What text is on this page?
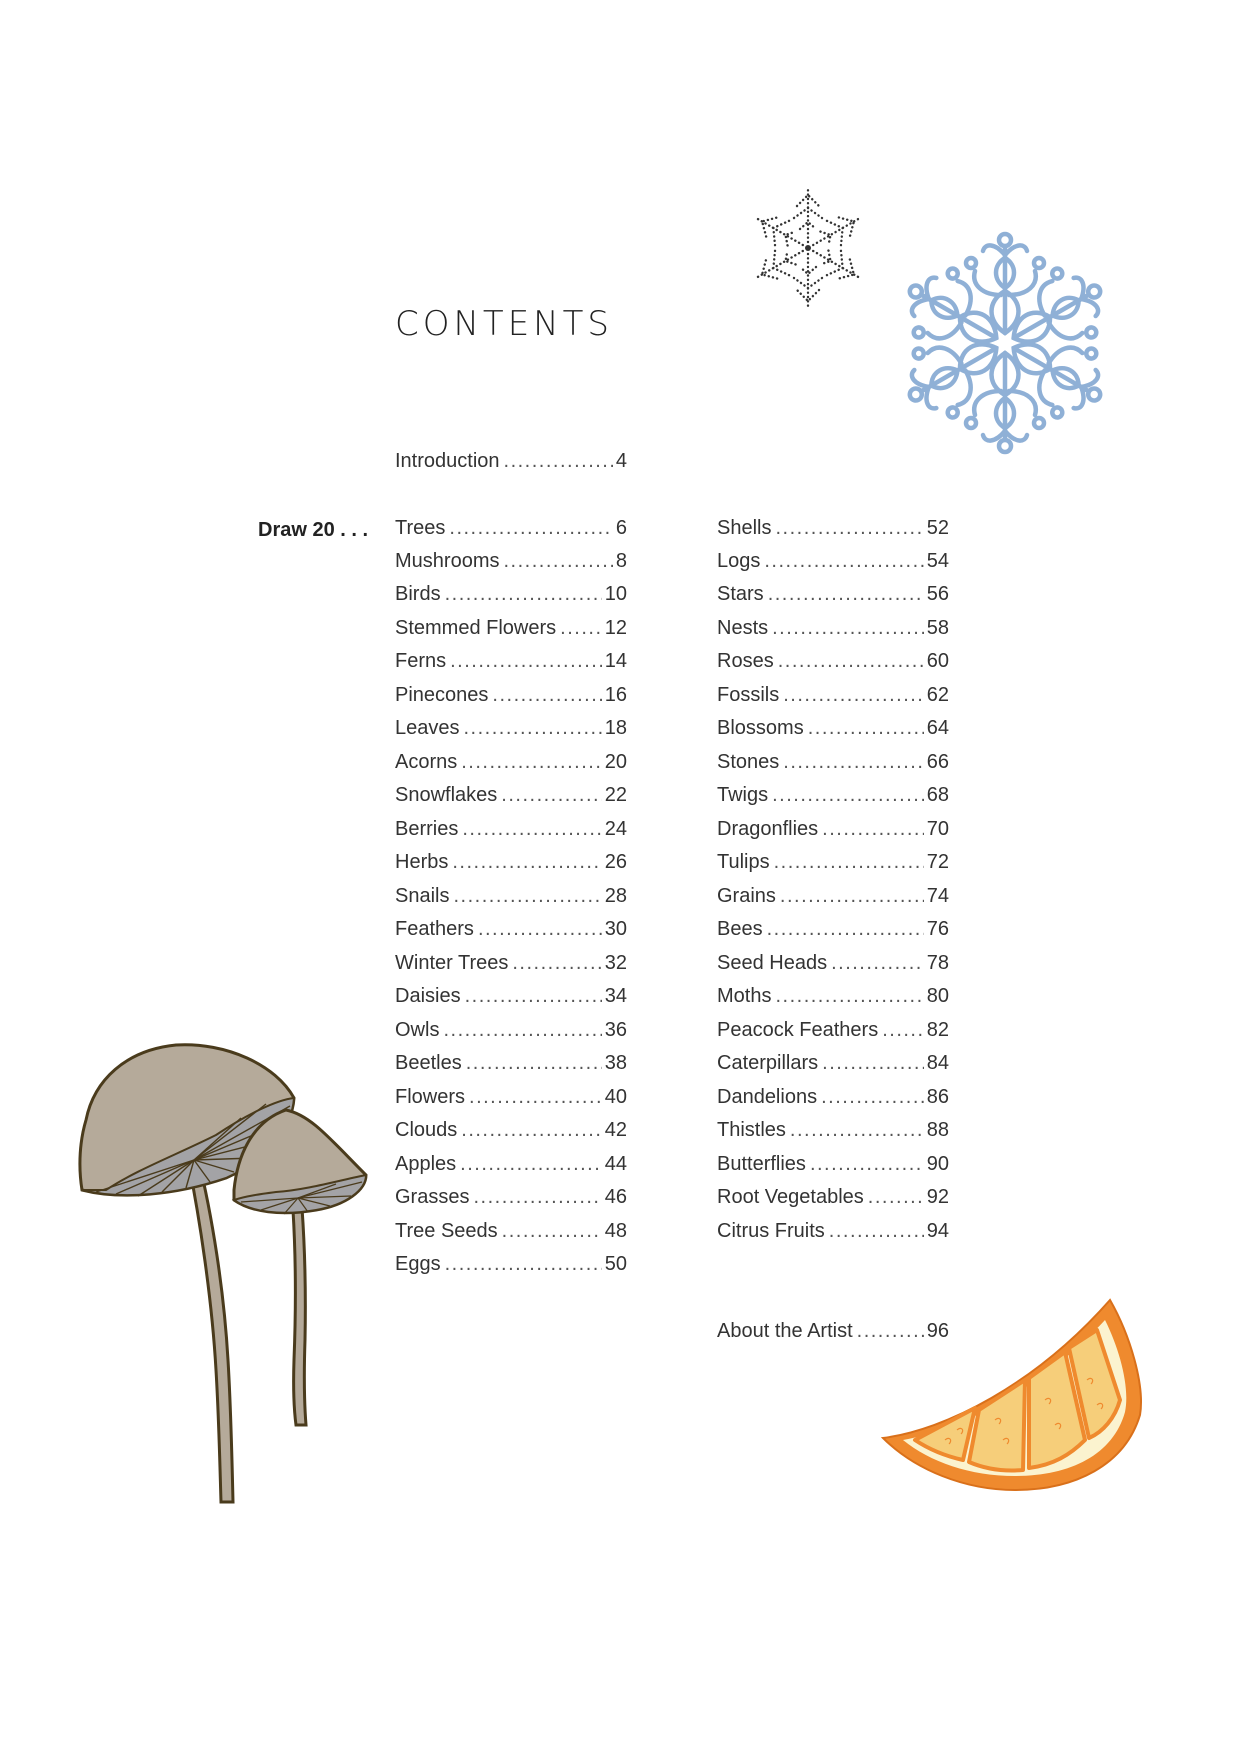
CONTENTS
Introduction .....	4
Draw 20 . . . Trees .....	6
Mushrooms .....	8
Birds .....	10
Stemmed Flowers ..... 12
Ferns .....	14
Pinecones .....	16
Leaves .....	18
Acorns .....	20
Snowflakes .....	22
Berries .....	24
Herbs .....	26
Snails .....	28
Feathers .....	30
Winter Trees .....	32
Daisies .....	34
Owls .....	36
Beetles .....	38
Flowers .....	40
Clouds .....	42
Apples .....	44
Grasses .....	46
Tree Seeds .....	48
Eggs .....	50
Shells .....	52
Logs .....	54
Stars .....	56
Nests .....	58
Roses .....	60
Fossils .....	62
Blossoms .....	64
Stones .....	66
Twigs .....	68
Dragonflies .....	70
Tulips .....	72
Grains .....	74
Bees .....	76
Seed Heads .....	78
Moths .....	80
Peacock Feathers ..... 82
Caterpillars .....	84
Dandelions .....	86
Thistles .....	88
Butterflies .....	90
Root Vegetables .....	92
Citrus Fruits .....	94
About the Artist .....	96
